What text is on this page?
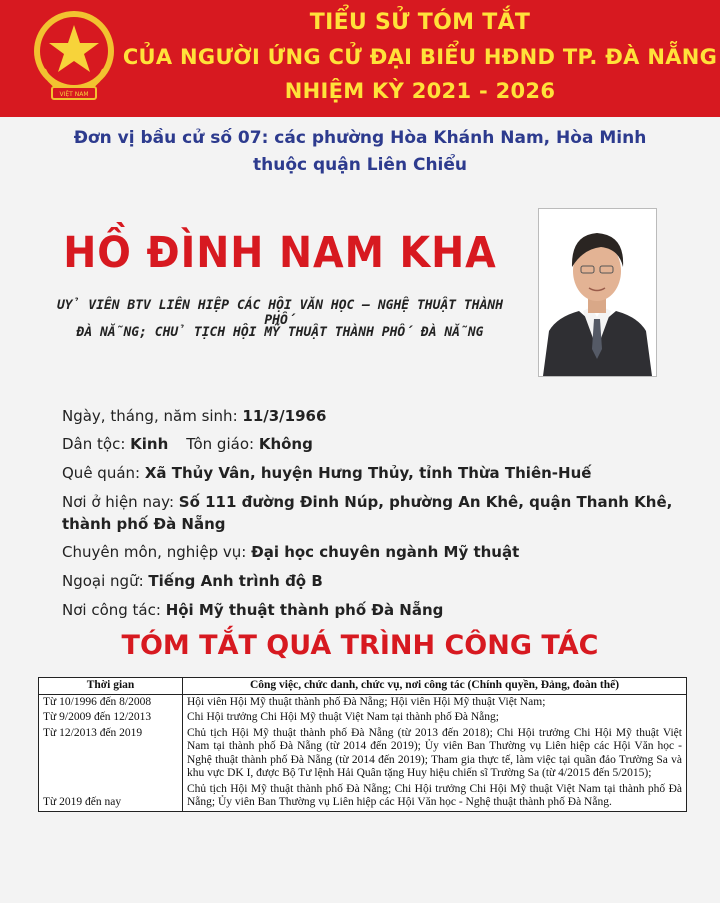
VIỆT NAM
TIỂU SỬ TÓM TẮT
CỦA NGƯỜI ỨNG CỬ ĐẠI BIỂU HĐND TP. ĐÀ NẴNG
NHIỆM KỲ 2021 - 2026
Đơn vị bầu cử số 07: các phường Hòa Khánh Nam, Hòa Minh
thuộc quận Liên Chiểu
HỒ ĐÌNH NAM KHA
UỶ VIÊN BTV LIÊN HIỆP CÁC HỘI VĂN HỌC – NGHỆ THUẬT THÀNH PHỐ
ĐÀ NẴNG; CHỦ TỊCH HỘI MỸ THUẬT THÀNH PHỐ ĐÀ NẴNG
Ngày, tháng, năm sinh: 11/3/1966
Dân tộc: Kinh Tôn giáo: Không
Quê quán: Xã Thủy Vân, huyện Hưng Thủy, tỉnh Thừa Thiên-Huế
Nơi ở hiện nay: Số 111 đường Đinh Núp, phường An Khê, quận Thanh Khê, thành phố Đà Nẵng
Chuyên môn, nghiệp vụ: Đại học chuyên ngành Mỹ thuật
Ngoại ngữ: Tiếng Anh trình độ B
Nơi công tác: Hội Mỹ thuật thành phố Đà Nẵng
TÓM TẮT QUÁ TRÌNH CÔNG TÁC
Thời gian	Công việc, chức danh, chức vụ, nơi công tác (Chính quyền, Đảng, đoàn thể)
Từ 10/1996 đến 8/2008	Hội viên Hội Mỹ thuật thành phố Đà Nẵng; Hội viên Hội Mỹ thuật Việt Nam;
Từ 9/2009 đến 12/2013	Chi Hội trưởng Chi Hội Mỹ thuật Việt Nam tại thành phố Đà Nẵng;
Từ 12/2013 đến 2019	Chủ tịch Hội Mỹ thuật thành phố Đà Nẵng (từ 2013 đến 2018); Chi Hội trưởng Chi Hội Mỹ thuật Việt Nam tại thành phố Đà Nẵng (từ 2014 đến 2019); Ủy viên Ban Thường vụ Liên hiệp các Hội Văn học - Nghệ thuật thành phố Đà Nẵng (từ 2014 đến 2019); Tham gia thực tế, làm việc tại quần đảo Trường Sa và khu vực DK I, được Bộ Tư lệnh Hải Quân tặng Huy hiệu chiến sĩ Trường Sa (từ 4/2015 đến 5/2015);
Từ 2019 đến nay	Chủ tịch Hội Mỹ thuật thành phố Đà Nẵng; Chi Hội trưởng Chi Hội Mỹ thuật Việt Nam tại thành phố Đà Nẵng; Ủy viên Ban Thường vụ Liên hiệp các Hội Văn học - Nghệ thuật thành phố Đà Nẵng.
